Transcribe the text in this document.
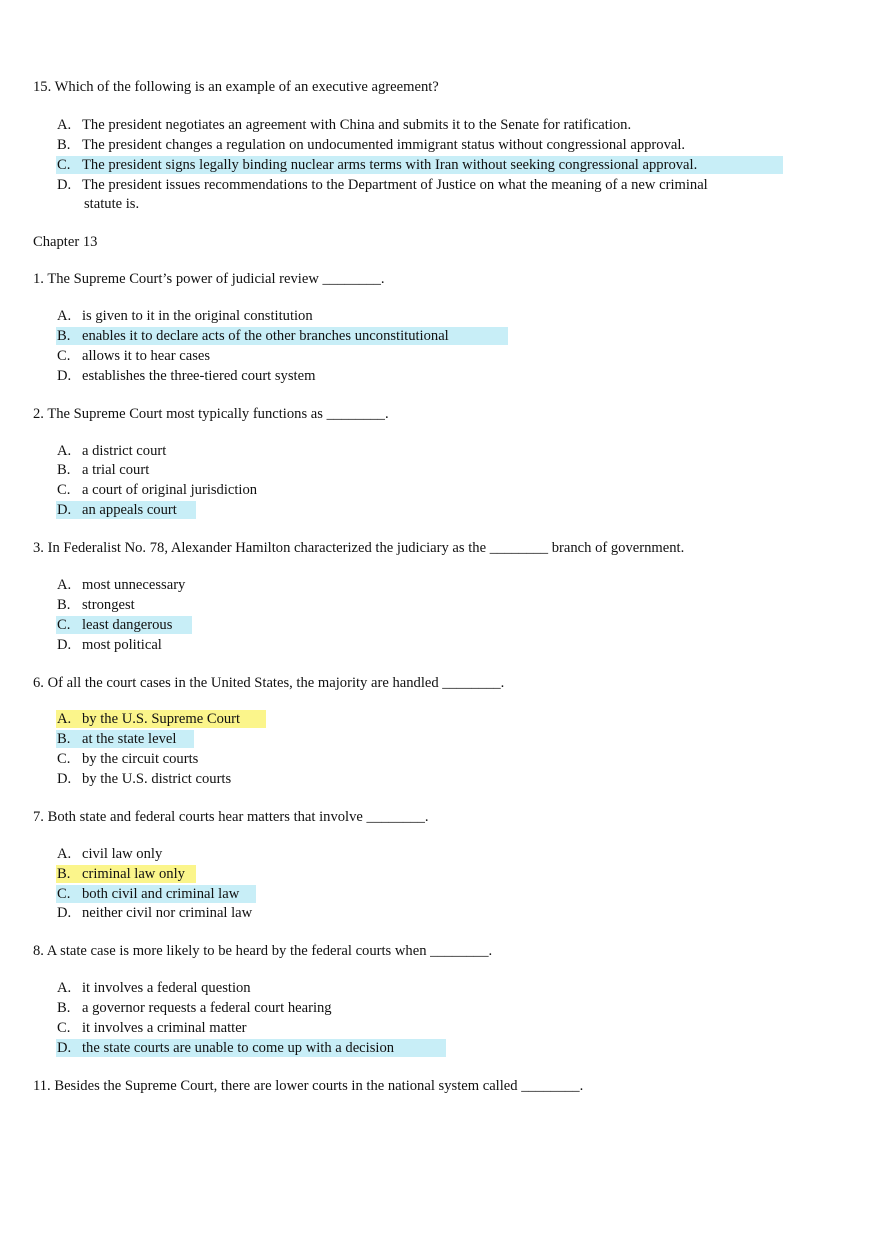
15. Which of the following is an example of an executive agreement?
A. The president negotiates an agreement with China and submits it to the Senate for ratification.
B. The president changes a regulation on undocumented immigrant status without congressional approval.
C. The president signs legally binding nuclear arms terms with Iran without seeking congressional approval.
D. The president issues recommendations to the Department of Justice on what the meaning of a new criminal
statute is.
Chapter 13
1. The Supreme Court’s power of judicial review ________.
A. is given to it in the original constitution
B. enables it to declare acts of the other branches unconstitutional
C. allows it to hear cases
D. establishes the three-tiered court system
2. The Supreme Court most typically functions as ________.
A. a district court
B. a trial court
C. a court of original jurisdiction
D. an appeals court
3. In Federalist No. 78, Alexander Hamilton characterized the judiciary as the ________ branch of government.
A. most unnecessary
B. strongest
C. least dangerous
D. most political
6. Of all the court cases in the United States, the majority are handled ________.
A. by the U.S. Supreme Court
B. at the state level
C. by the circuit courts
D. by the U.S. district courts
7. Both state and federal courts hear matters that involve ________.
A. civil law only
B. criminal law only
C. both civil and criminal law
D. neither civil nor criminal law
8. A state case is more likely to be heard by the federal courts when ________.
A. it involves a federal question
B. a governor requests a federal court hearing
C. it involves a criminal matter
D. the state courts are unable to come up with a decision
11. Besides the Supreme Court, there are lower courts in the national system called ________.
